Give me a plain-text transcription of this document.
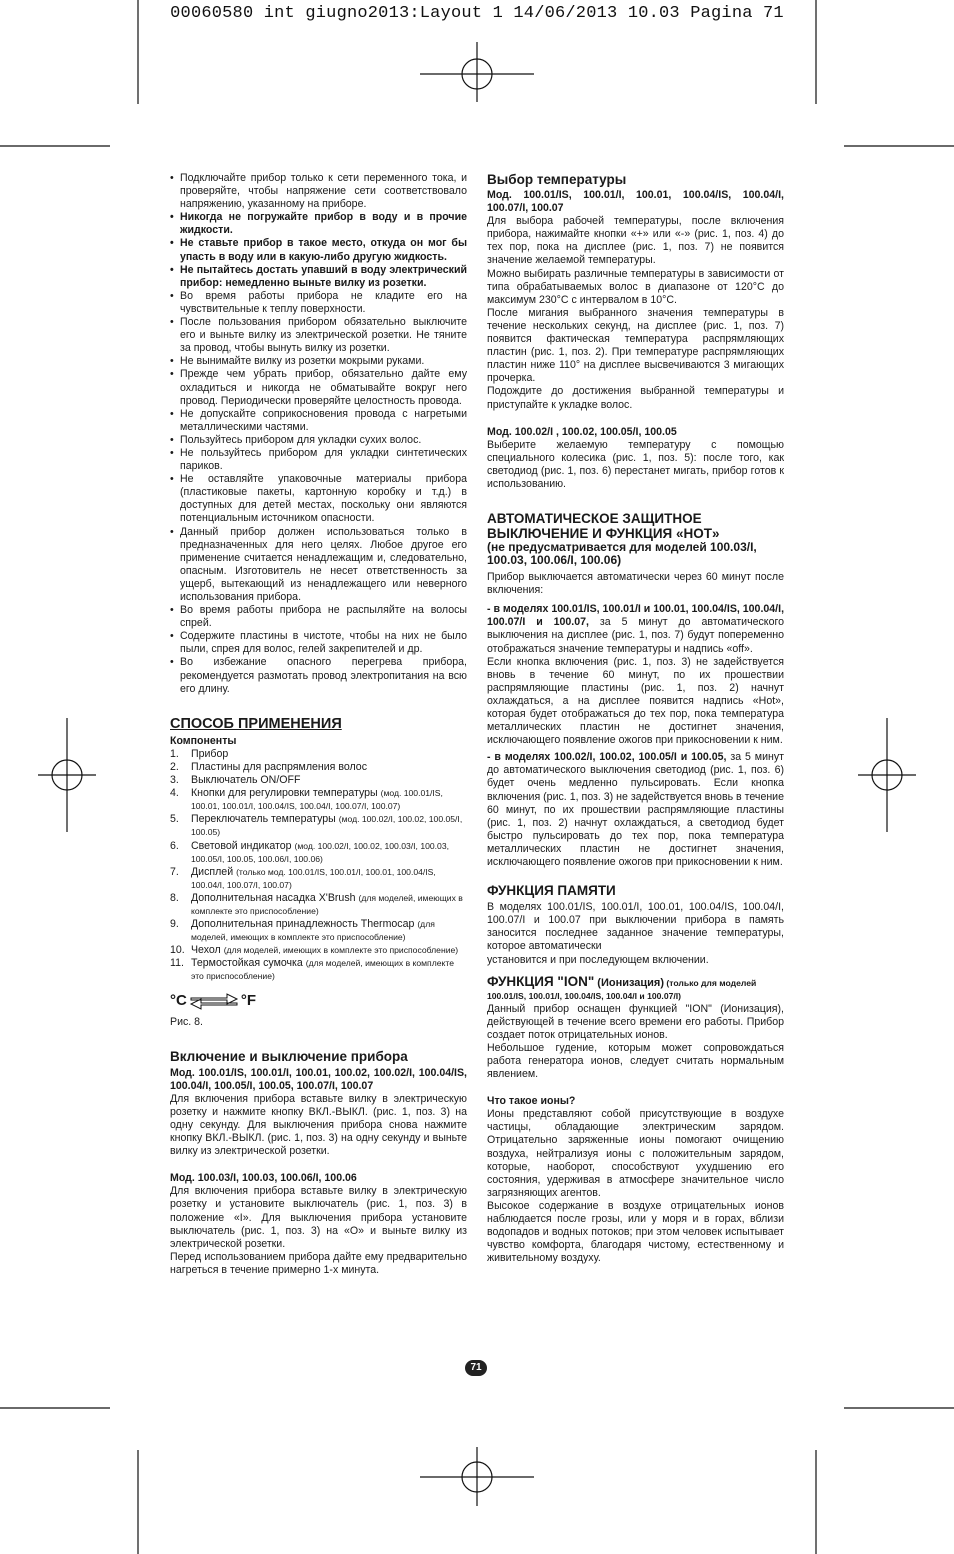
00060580 int giugno2013:Layout 1 14/06/2013 10.03 Pagina 71
• Подключайте прибор только к сети переменного тока, и проверяйте, чтобы напряжение сети соответствовало напряжению, указанному на приборе.
• Никогда не погружайте прибор в воду и в прочие жидкости.
• Не ставьте прибор в такое место, откуда он мог бы упасть в воду или в какую-либо другую жидкость.
• Не пытайтесь достать упавший в воду электрический прибор: немедленно выньте вилку из розетки.
• Во время работы прибора не кладите его на чувствительные к теплу поверхности.
• После пользования прибором обязательно выключите его и выньте вилку из электрической розетки. Не тяните за провод, чтобы вынуть вилку из розетки.
• Не вынимайте вилку из розетки мокрыми руками.
• Прежде чем убрать прибор, обязательно дайте ему охладиться и никогда не обматывайте вокруг него провод. Периодически проверяйте целостность провода.
• Не допускайте соприкосновения провода с нагретыми металлическими частями.
• Пользуйтесь прибором для укладки сухих волос.
• Не пользуйтесь прибором для укладки синтетических париков.
• Не оставляйте упаковочные материалы прибора (пластиковые пакеты, картонную коробку и т.д.) в доступных для детей местах, поскольку они являются потенциальным источником опасности.
• Данный прибор должен использоваться только в предназначенных для него целях. Любое другое его применение считается ненадлежащим и, следовательно, опасным. Изготовитель не несет ответственность за ущерб, вытекающий из ненадлежащего или неверного использования прибора.
• Во время работы прибора не распыляйте на волосы спрей.
• Содержите пластины в чистоте, чтобы на них не было пыли, спрея для волос, гелей закрепителей и др.
• Во избежание опасного перегрева прибора, рекомендуется размотать провод электропитания на всю его длину.
СПОСОБ ПРИМЕНЕНИЯ
Компоненты
1. Прибор
2. Пластины для распрямления волос
3. Выключатель ON/OFF
4. Кнопки для регулировки температуры (мод. 100.01/IS, 100.01, 100.01/I, 100.04/IS, 100.04/I, 100.07/I, 100.07)
5. Переключатель температуры (мод. 100.02/I, 100.02, 100.05/I, 100.05)
6. Световой индикатор (мод. 100.02/I, 100.02, 100.03/I, 100.03, 100.05/I, 100.05, 100.06/I, 100.06)
7. Дисплей (только мод. 100.01/IS, 100.01/I, 100.01, 100.04/IS, 100.04/I, 100.07/I, 100.07)
8. Дополнительная насадка X'Brush (для моделей, имеющих в комплекте это приспособление)
9. Дополнительная принадлежность Thermocap (для моделей, имеющих в комплекте это приспособление)
10. Чехол (для моделей, имеющих в комплекте это приспособление)
11. Термостойкая сумочка (для моделей, имеющих в комплекте это приспособление)
°C	°F

Рис. 8.

Включение и выключение прибора

Мод. 100.01/IS, 100.01/I, 100.01, 100.02, 100.02/I, 100.04/IS, 100.04/I, 100.05/I, 100.05, 100.07/I, 100.07

Для включения прибора вставьте вилку в электрическую розетку и нажмите кнопку ВКЛ.-ВЫКЛ. (рис. 1, поз. 3) на одну секунду. Для выключения прибора снова нажмите кнопку ВКЛ.-ВЫКЛ. (рис. 1, поз. 3) на одну секунду и выньте вилку из электрической розетки.

Мод. 100.03/I, 100.03, 100.06/I, 100.06

Для включения прибора вставьте вилку в электрическую розетку и установите выключатель (рис. 1, поз. 3) в положение «I». Для выключения прибора установите выключатель (рис. 1, поз. 3) на «O» и выньте вилку из электрической розетки.

Перед использованием прибора дайте ему предварительно нагреться в течение примерно 1-х минута.

Выбор температуры

Мод. 100.01/IS, 100.01/I, 100.01, 100.04/IS, 100.04/I, 100.07/I, 100.07

Для выбора рабочей температуры, после включения прибора, нажимайте кнопки «+» или «-» (рис. 1, поз. 4) до тех пор, пока на дисплее (рис. 1, поз. 7) не появится значение желаемой температуры.

Можно выбирать различные температуры в зависимости от типа обрабатываемых волос в диапазоне от 120°C до максимум 230°C с интервалом в 10°C.

После мигания выбранного значения температуры в течение нескольких секунд, на дисплее (рис. 1, поз. 7) появится фактическая температура распрямляющих пластин (рис. 1, поз. 2). При температуре распрямляющих пластин ниже 110° на дисплее высвечиваются 3 мигающих прочерка.

Подождите до достижения выбранной температуры и приступайте к укладке волос.

Мод. 100.02/I , 100.02, 100.05/I, 100.05

Выберите желаемую температуру с помощью специального колесика (рис. 1, поз. 5): после того, как светодиод (рис. 1, поз. 6) перестанет мигать, прибор готов к использованию.

АВТОМАТИЧЕСКОЕ ЗАЩИТНОЕ
ВЫКЛЮЧЕНИЕ И ФУНКЦИЯ «HOT»
(не предусматривается для моделей 100.03/I, 100.03, 100.06/I, 100.06)

Прибор выключается автоматически через 60 минут после включения:

- в моделях 100.01/IS, 100.01/I и 100.01, 100.04/IS, 100.04/I, 100.07/I и 100.07, за 5 минут до автоматического выключения на дисплее (рис. 1, поз. 7) будут попеременно отображаться значение температуры и надпись «off».

Если кнопка включения (рис. 1, поз. 3) не задействуется вновь в течение 60 минут, по их прошествии распрямляющие пластины (рис. 1, поз. 2) начнут охлаждаться, а на дисплее появится надпись «Hot», которая будет отображаться до тех пор, пока температура металлических пластин не достигнет значения, исключающего появление ожогов при прикосновении к ним.

- в моделях 100.02/I, 100.02, 100.05/I и 100.05, за 5 минут до автоматического выключения светодиод (рис. 1, поз. 6) будет очень медленно пульсировать. Если кнопка включения (рис. 1, поз. 3) не задействуется вновь в течение 60 минут, по их прошествии распрямляющие пластины (рис. 1, поз. 2) начнут охлаждаться, а светодиод будет быстро пульсировать до тех пор, пока температура металлических пластин не достигнет значения, исключающего появление ожогов при прикосновении к ним.

ФУНКЦИЯ ПАМЯТИ

В моделях 100.01/IS, 100.01/I, 100.01, 100.04/IS, 100.04/I, 100.07/I и 100.07 при выключении прибора в память заносится последнее заданное значение температуры, которое автоматически

установится и при последующем включении.

ФУНКЦИЯ "ION" (Ионизация) (только для моделей 100.01/IS, 100.01/I, 100.04/IS, 100.04/I и 100.07/I)

Данный прибор оснащен функцией "ION" (Ионизация), действующей в течение всего времени его работы. Прибор создает поток отрицательных ионов.

Небольшое гудение, которым может сопровождаться работа генератора ионов, следует считать нормальным явлением.

Что такое ионы?

Ионы представляют собой присутствующие в воздухе частицы, обладающие электрическим зарядом. Отрицательно заряженные ионы помогают очищению воздуха, нейтрализуя ионы с положительным зарядом, которые, наоборот, способствуют ухудшению его состояния, удерживая в атмосфере значительное число загрязняющих агентов.

Высокое содержание в воздухе отрицательных ионов наблюдается после грозы, или у моря и в горах, вблизи водопадов и водных потоков; при этом человек испытывает чувство комфорта, благодаря чистому, естественному и живительному воздуху.

71
